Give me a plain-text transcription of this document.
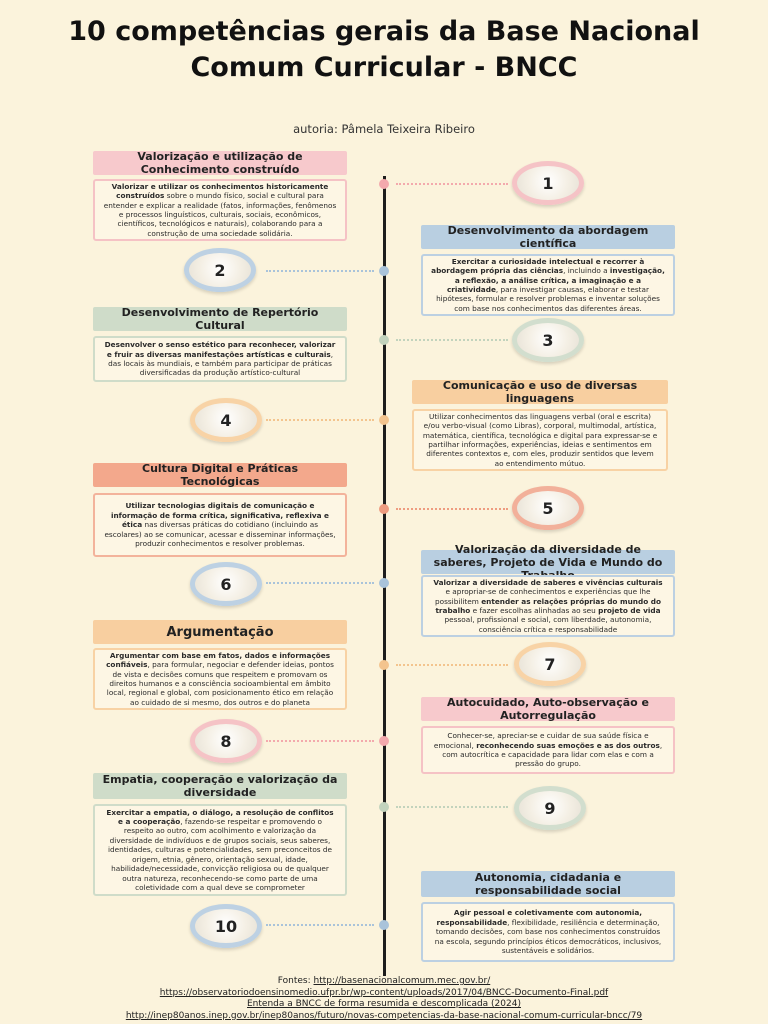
10 competências gerais da Base Nacional Comum Curricular - BNCC
autoria: Pâmela Teixeira Ribeiro
Valorização e utilização de Conhecimento construído
Valorizar e utilizar os conhecimentos historicamente construídos sobre o mundo físico, social e cultural para entender e explicar a realidade (fatos, informações, fenômenos e processos linguísticos, culturais, sociais, econômicos, científicos, tecnológicos e naturais), colaborando para a construção de uma sociedade solidária.
1
2
Desenvolvimento da abordagem científica
Exercitar a curiosidade intelectual e recorrer à abordagem própria das ciências, incluindo a investigação, a reflexão, a análise crítica, a imaginação e a criatividade, para investigar causas, elaborar e testar hipóteses, formular e resolver problemas e inventar soluções com base nos conhecimentos das diferentes áreas.
Desenvolvimento de Repertório Cultural
Desenvolver o senso estético para reconhecer, valorizar e fruir as diversas manifestações artísticas e culturais, das locais às mundiais, e também para participar de práticas diversificadas da produção artístico-cultural
3
4
Comunicação e uso de diversas linguagens
Utilizar conhecimentos das linguagens verbal (oral e escrita) e/ou verbo-visual (como Libras), corporal, multimodal, artística, matemática, científica, tecnológica e digital para expressar-se e partilhar informações, experiências, ideias e sentimentos em diferentes contextos e, com eles, produzir sentidos que levem ao entendimento mútuo.
Cultura Digital e Práticas Tecnológicas
Utilizar tecnologias digitais de comunicação e informação de forma crítica, significativa, reflexiva e ética nas diversas práticas do cotidiano (incluindo as escolares) ao se comunicar, acessar e disseminar informações, produzir conhecimentos e resolver problemas.
5
6
Valorização da diversidade de saberes, Projeto de Vida e Mundo do
Valorizar a diversidade de saberes e vivências culturais e apropriar-se de conhecimentos e experiências que lhe possibilitem entender as relações próprias do mundo do trabalho e fazer escolhas alinhadas ao seu projeto de vida pessoal, profissional e social, com liberdade, autonomia, consciência crítica e responsabilidade
Argumentação
Argumentar com base em fatos, dados e informações confiáveis, para formular, negociar e defender ideias, pontos de vista e decisões comuns que respeitem e promovam os direitos humanos e a consciência socioambiental em âmbito local, regional e global, com posicionamento ético em relação ao cuidado de si mesmo, dos outros e do planeta
7
8
Autocuidado, Auto-observação e Autorregulação
Conhecer-se, apreciar-se e cuidar de sua saúde física e emocional, reconhecendo suas emoções e as dos outros, com autocrítica e capacidade para lidar com elas e com a pressão do grupo.
Empatia, cooperação e valorização da diversidade
Exercitar a empatia, o diálogo, a resolução de conflitos e a cooperação, fazendo-se respeitar e promovendo o respeito ao outro, com acolhimento e valorização da diversidade de indivíduos e de grupos sociais, seus saberes, identidades, culturas e potencialidades, sem preconceitos de origem, etnia, gênero, orientação sexual, idade, habilidade/necessidade, convicção religiosa ou de qualquer outra natureza, reconhecendo-se como parte de uma coletividade com a qual deve se comprometer
9
10
Autonomia, cidadania e responsabilidade social
Agir pessoal e coletivamente com autonomia, responsabilidade, flexibilidade, resiliência e determinação, tomando decisões, com base nos conhecimentos construídos na escola, segundo princípios éticos democráticos, inclusivos, sustentáveis e solidários.
Fontes: http://basenacionalcomum.mec.gov.br/
https://observatoriodoensinomedio.ufpr.br/wp-content/uploads/2017/04/BNCC-Documento-Final.pdf
Entenda a BNCC de forma resumida e descomplicada (2024)
http://inep80anos.inep.gov.br/inep80anos/futuro/novas-competencias-da-base-nacional-comum-curricular-bncc/79
